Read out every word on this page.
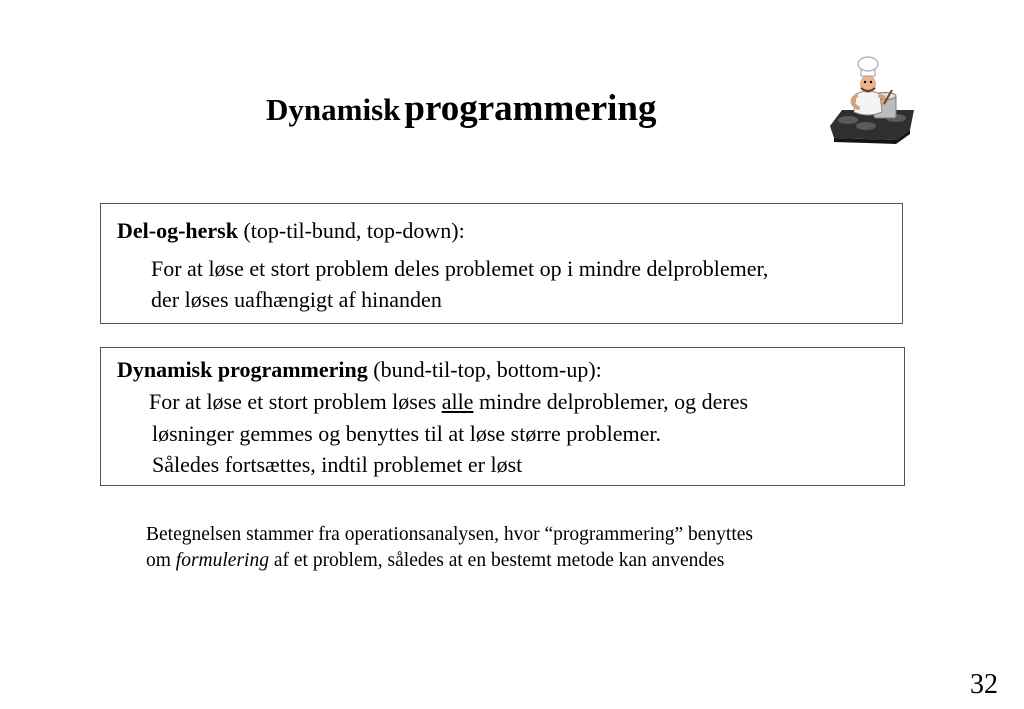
Dynamisk programmering
Del-og-hersk (top-til-bund, top-down):
For at løse et stort problem deles problemet op i mindre delproblemer,
der løses uafhængigt af hinanden
Dynamisk programmering (bund-til-top, bottom-up):
For at løse et stort problem løses alle mindre delproblemer, og deres
løsninger gemmes og benyttes til at løse større problemer.
Således fortsættes, indtil problemet er løst
Betegnelsen stammer fra operationsanalysen, hvor “programmering” benyttes
om formulering af et problem, således at en bestemt metode kan anvendes
32
